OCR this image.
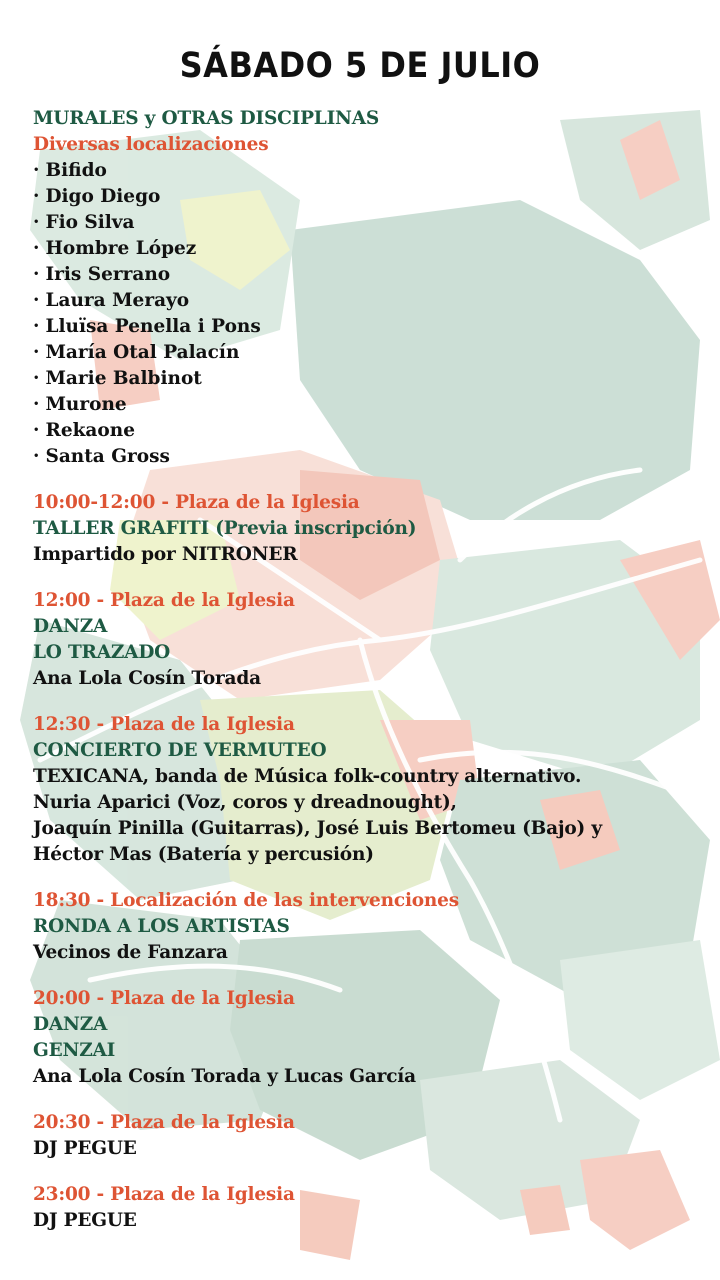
SÁBADO 5 DE JULIO
MURALES y OTRAS DISCIPLINAS
Diversas localizaciones
· Bifido
· Digo Diego
· Fio Silva
· Hombre López
· Iris Serrano
· Laura Merayo
· Lluïsa Penella i Pons
· María Otal Palacín
· Marie Balbinot
· Murone
· Rekaone
· Santa Gross
10:00-12:00 - Plaza de la Iglesia
TALLER GRAFITI (Previa inscripción)
Impartido por NITRONER
12:00 - Plaza de la Iglesia
DANZA
LO TRAZADO
Ana Lola Cosín Torada
12:30 - Plaza de la Iglesia
CONCIERTO DE VERMUTEO
TEXICANA, banda de Música folk-country alternativo.
Nuria Aparici (Voz, coros y dreadnought),
Joaquín Pinilla (Guitarras), José Luis Bertomeu (Bajo) y
Héctor Mas (Batería y percusión)
18:30 - Localización de las intervenciones
RONDA A LOS ARTISTAS
Vecinos de Fanzara
20:00 - Plaza de la Iglesia
DANZA
GENZAI
Ana Lola Cosín Torada y Lucas García
20:30 - Plaza de la Iglesia
DJ PEGUE
23:00 - Plaza de la Iglesia
DJ PEGUE
